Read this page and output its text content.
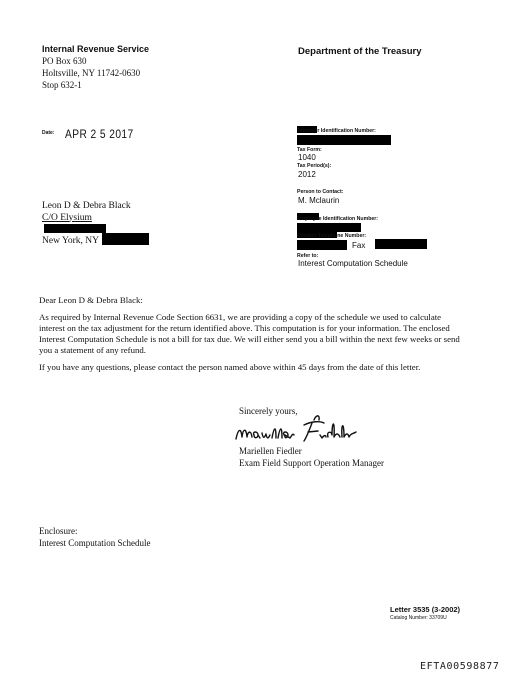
Internal Revenue Service
PO Box 630
Holtsville, NY 11742-0630
Stop 632-1
Department of the Treasury
Date: APR 2 5 2017	Taxpayer Identification Number:
Tax Form:
1040
Tax Period(s):
2012
Person to Contact:
M. Mclaurin
Employee Identification Number:
Contact Telephone Number:
Fax
Refer to:
Interest Computation Schedule
Leon D & Debra Black
C/O Elysium
New York, NY

Dear Leon D & Debra Black:

As required by Internal Revenue Code Section 6631, we are providing a copy of the schedule we used to calculate interest on the tax adjustment for the return identified above. This computation is for your information. The enclosed Interest Computation Schedule is not a bill for tax due. We will either send you a bill within the next few weeks or send you a statement of any refund.

If you have any questions, please contact the person named above within 45 days from the date of this letter.

Sincerely yours,
Mariellen Fiedler
Exam Field Support Operation Manager
Enclosure:
Interest Computation Schedule
Letter 3535 (3-2002)
Catalog Number: 33709U
EFTA00598877
